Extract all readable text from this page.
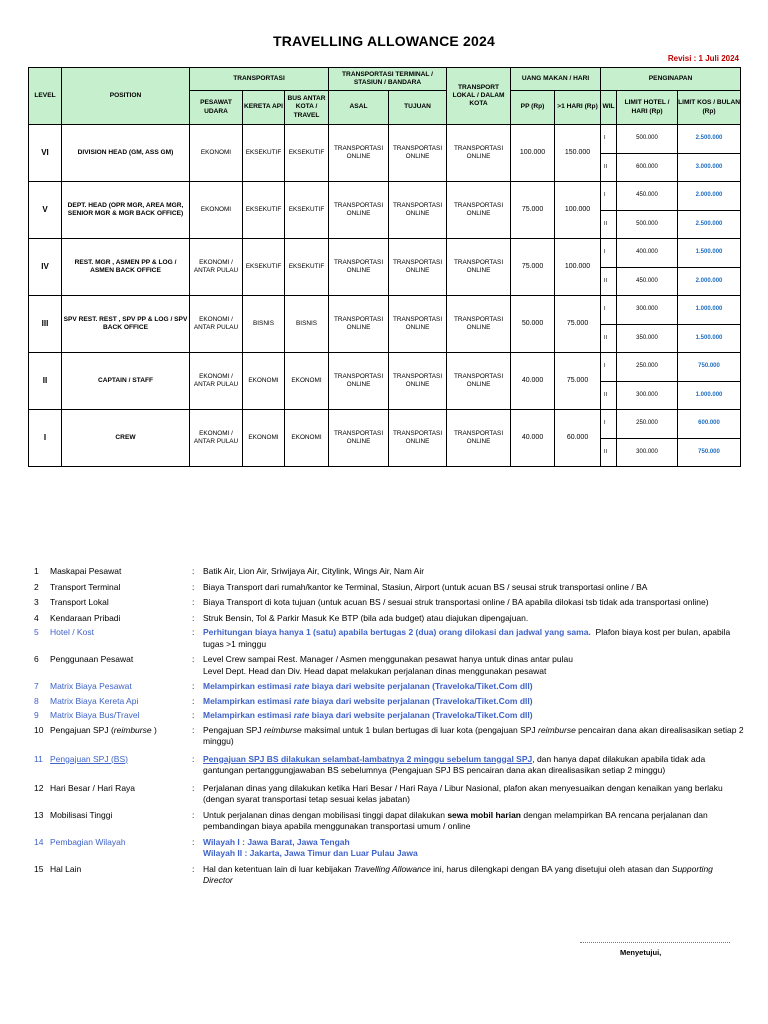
TRAVELLING ALLOWANCE 2024
Revisi : 1 Juli 2024
LEVEL	POSITION	TRANSPORTASI			TRANSPORTASI TERMINAL / STASIUN / BANDARA		TRANSPORT LOKAL / DALAM KOTA	UANG MAKAN / HARI		PENGINAPAN		
		PESAWAT UDARA	KERETA API	BUS ANTAR KOTA / TRAVEL	ASAL	TUJUAN		PP (Rp)	>1 HARI (Rp)	WIL	LIMIT HOTEL / HARI (Rp)	LIMIT KOS / BULAN (Rp)
VI	DIVISION HEAD (GM, ASS GM)	EKONOMI	EKSEKUTIF	EKSEKUTIF	TRANSPORTASI ONLINE	TRANSPORTASI ONLINE	TRANSPORTASI ONLINE	100.000	150.000	I	500.000	2.500.000
										II	600.000	3.000.000
V	DEPT. HEAD (OPR MGR, AREA MGR, SENIOR MGR & MGR BACK OFFICE)	EKONOMI	EKSEKUTIF	EKSEKUTIF	TRANSPORTASI ONLINE	TRANSPORTASI ONLINE	TRANSPORTASI ONLINE	75.000	100.000	I	450.000	2.000.000
										II	500.000	2.500.000
IV	REST. MGR , ASMEN PP & LOG / ASMEN BACK OFFICE	EKONOMI / ANTAR PULAU	EKSEKUTIF	EKSEKUTIF	TRANSPORTASI ONLINE	TRANSPORTASI ONLINE	TRANSPORTASI ONLINE	75.000	100.000	I	400.000	1.500.000
										II	450.000	2.000.000
III	SPV REST. REST , SPV PP & LOG / SPV BACK OFFICE	EKONOMI / ANTAR PULAU	BISNIS	BISNIS	TRANSPORTASI ONLINE	TRANSPORTASI ONLINE	TRANSPORTASI ONLINE	50.000	75.000	I	300.000	1.000.000
										II	350.000	1.500.000
II	CAPTAIN / STAFF	EKONOMI / ANTAR PULAU	EKONOMI	EKONOMI	TRANSPORTASI ONLINE	TRANSPORTASI ONLINE	TRANSPORTASI ONLINE	40.000	75.000	I	250.000	750.000
										II	300.000	1.000.000
I	CREW	EKONOMI / ANTAR PULAU	EKONOMI	EKONOMI	TRANSPORTASI ONLINE	TRANSPORTASI ONLINE	TRANSPORTASI ONLINE	40.000	60.000	I	250.000	600.000
										II	300.000	750.000
1	Maskapai Pesawat	:	Batik Air, Lion Air, Sriwijaya Air, Citylink, Wings Air, Nam Air
2	Transport Terminal	:	Biaya Transport dari rumah/kantor ke Terminal, Stasiun, Airport (untuk acuan BS / seusai struk transportasi online / BA
3	Transport Lokal	:	Biaya Transport di kota tujuan (untuk acuan BS / sesuai struk transportasi online / BA apabila dilokasi tsb tidak ada transportasi online)
4	Kendaraan Pribadi	:	Struk Bensin, Tol & Parkir Masuk Ke BTP (bila ada budget) atau diajukan dipengajuan.
5	Hotel / Kost	:	Perhitungan biaya hanya 1 (satu) apabila bertugas 2 (dua) orang dilokasi dan jadwal yang sama. Plafon biaya kost per bulan, apabila tugas >1 minggu
6	Penggunaan Pesawat	:	Level Crew sampai Rest. Manager / Asmen menggunakan pesawat hanya untuk dinas antar pulau
Level Dept. Head dan Div. Head dapat melakukan perjalanan dinas menggunakan pesawat
7	Matrix Biaya Pesawat	:	Melampirkan estimasi rate biaya dari website perjalanan (Traveloka/Tiket.Com dll)
8	Matrix Biaya Kereta Api	:	Melampirkan estimasi rate biaya dari website perjalanan (Traveloka/Tiket.Com dll)
9	Matrix Biaya Bus/Travel	:	Melampirkan estimasi rate biaya dari website perjalanan (Traveloka/Tiket.Com dll)
10 Pengajuan SPJ (reimburse )	:	Pengajuan SPJ reimburse maksimal untuk 1 bulan bertugas di luar kota (pengajuan SPJ reimburse pencairan dana akan direalisasikan setiap 2 minggu)
11 Pengajuan SPJ (BS)	:	Pengajuan SPJ BS dilakukan selambat-lambatnya 2 minggu sebelum tanggal SPJ, dan hanya dapat dilakukan apabila tidak ada gantungan pertanggungjawaban BS sebelumnya (Pengajuan SPJ BS pencairan dana akan direalisasikan setiap 2 minggu)
12 Hari Besar / Hari Raya	:	Perjalanan dinas yang dilakukan ketika Hari Besar / Hari Raya / Libur Nasional, plafon akan menyesuaikan dengan kenaikan yang berlaku (dengan syarat transportasi tetap sesuai kelas jabatan)
13 Mobilisasi Tinggi	:	Untuk perjalanan dinas dengan mobilisasi tinggi dapat dilakukan sewa mobil harian dengan melampirkan BA rencana perjalanan dan pembandingan biaya apabila menggunakan transportasi umum / online
14 Pembagian Wilayah	:	Wilayah I : Jawa Barat, Jawa Tengah
Wilayah II : Jakarta, Jawa Timur dan Luar Pulau Jawa
15 Hal Lain	:	Hal dan ketentuan lain di luar kebijakan Travelling Allowance ini, harus dilengkapi dengan BA yang disetujui oleh atasan dan Supporting Director
Menyetujui,
